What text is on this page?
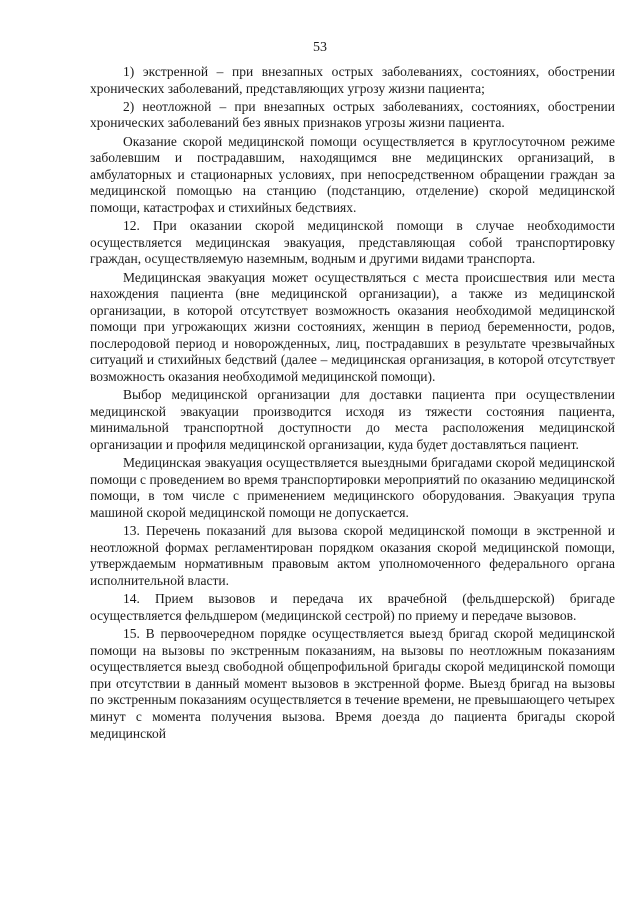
53

1) экстренной – при внезапных острых заболеваниях, состояниях, обострении хронических заболеваний, представляющих угрозу жизни пациента;

2) неотложной – при внезапных острых заболеваниях, состояниях, обострении хронических заболеваний без явных признаков угрозы жизни пациента.

Оказание скорой медицинской помощи осуществляется в круглосуточном режиме заболевшим и пострадавшим, находящимся вне медицинских организаций, в амбулаторных и стационарных условиях, при непосредственном обращении граждан за медицинской помощью на станцию (подстанцию, отделение) скорой медицинской помощи, катастрофах и стихийных бедствиях.

12. При оказании скорой медицинской помощи в случае необходимости осуществляется медицинская эвакуация, представляющая собой транспортировку граждан, осуществляемую наземным, водным и другими видами транспорта.

Медицинская эвакуация может осуществляться с места происшествия или места нахождения пациента (вне медицинской организации), а также из медицинской организации, в которой отсутствует возможность оказания необходимой медицинской помощи при угрожающих жизни состояниях, женщин в период беременности, родов, послеродовой период и новорожденных, лиц, пострадавших в результате чрезвычайных ситуаций и стихийных бедствий (далее – медицинская организация, в которой отсутствует возможность оказания необходимой медицинской помощи).

Выбор медицинской организации для доставки пациента при осуществлении медицинской эвакуации производится исходя из тяжести состояния пациента, минимальной транспортной доступности до места расположения медицинской организации и профиля медицинской организации, куда будет доставляться пациент.

Медицинская эвакуация осуществляется выездными бригадами скорой медицинской помощи с проведением во время транспортировки мероприятий по оказанию медицинской помощи, в том числе с применением медицинского оборудования. Эвакуация трупа машиной скорой медицинской помощи не допускается.

13. Перечень показаний для вызова скорой медицинской помощи в экстренной и неотложной формах регламентирован порядком оказания скорой медицинской помощи, утверждаемым нормативным правовым актом уполномоченного федерального органа исполнительной власти.

14. Прием вызовов и передача их врачебной (фельдшерской) бригаде осуществляется фельдшером (медицинской сестрой) по приему и передаче вызовов.

15. В первоочередном порядке осуществляется выезд бригад скорой медицинской помощи на вызовы по экстренным показаниям, на вызовы по неотложным показаниям осуществляется выезд свободной общепрофильной бригады скорой медицинской помощи при отсутствии в данный момент вызовов в экстренной форме. Выезд бригад на вызовы по экстренным показаниям осуществляется в течение времени, не превышающего четырех минут с момента получения вызова. Время доезда до пациента бригады скорой медицинской
